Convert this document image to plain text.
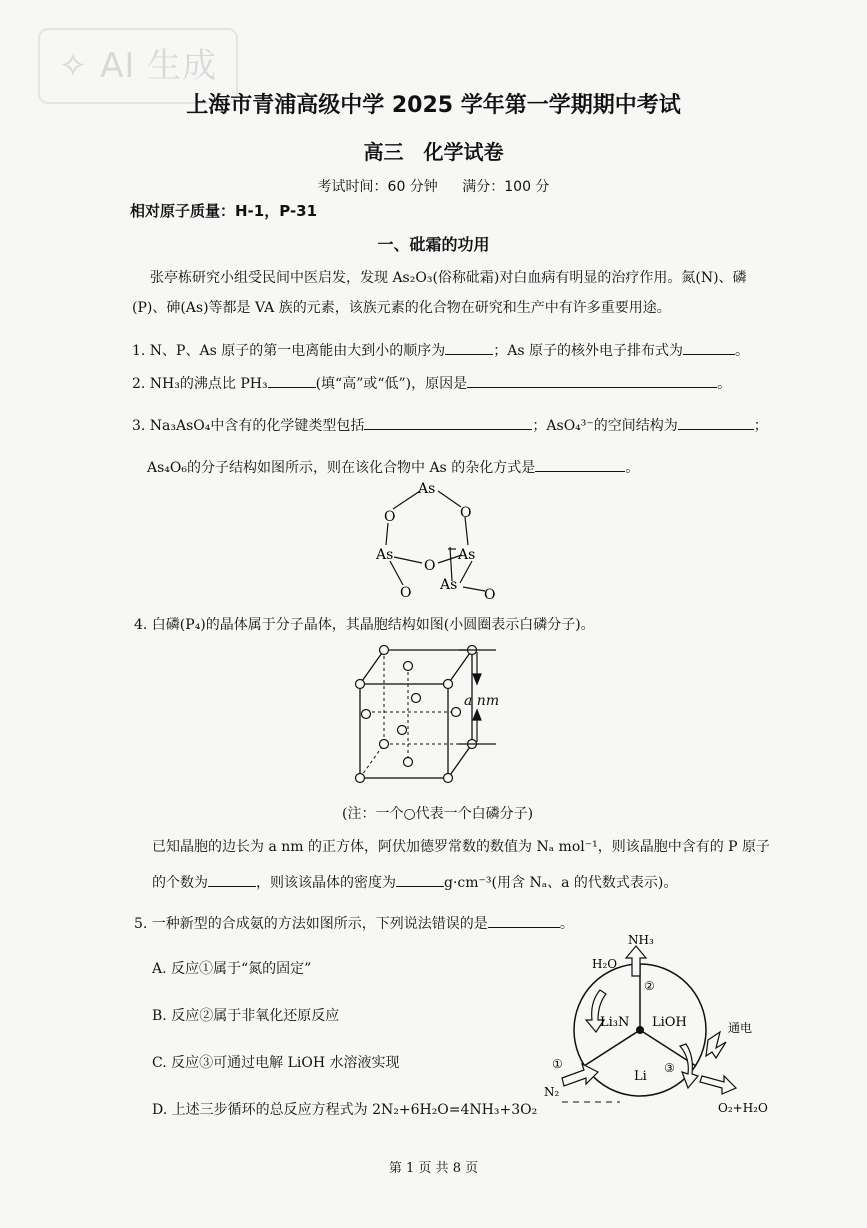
✧ AI 生成
上海市青浦高级中学 2025 学年第一学期期中考试
高三　化学试卷
考试时间：60 分钟 满分：100 分
相对原子质量：H-1，P-31
一、砒霜的功用
张亭栋研究小组受民间中医启发，发现 As₂O₃(俗称砒霜)对白血病有明显的治疗作用。氮(N)、磷
(P)、砷(As)等都是 VA 族的元素，该族元素的化合物在研究和生产中有许多重要用途。
1. N、P、As 原子的第一电离能由大到小的顺序为	；As 原子的核外电子排布式为	。
2. NH₃的沸点比 PH₃	(填“高”或“低”)，原因是	。
3. Na₃AsO₄中含有的化学键类型包括	；AsO₄³⁻的空间结构为	；
As₄O₆的分子结构如图所示，则在该化合物中 As 的杂化方式是	。
As
O	O
As
O
As
As
O	O
4. 白磷(P₄)的晶体属于分子晶体，其晶胞结构如图(小圆圈表示白磷分子)。
a nm
(注：一个○代表一个白磷分子)
已知晶胞的边长为 a nm 的正方体，阿伏加德罗常数的数值为 Nₐ mol⁻¹，则该晶胞中含有的 P 原子
的个数为	，则该该晶体的密度为	g·cm⁻³(用含 Nₐ、a 的代数式表示)。
5. 一种新型的合成氨的方法如图所示，下列说法错误的是	。
A. 反应①属于“氮的固定”
B. 反应②属于非氧化还原反应
C. 反应③可通过电解 LiOH 水溶液实现
D. 上述三步循环的总反应方程式为 2N₂+6H₂O=4NH₃+3O₂
NH₃
H₂O
②
Li₃N LiOH
Li
通电
①	③
N₂
O₂+H₂O
第 1 页 共 8 页
